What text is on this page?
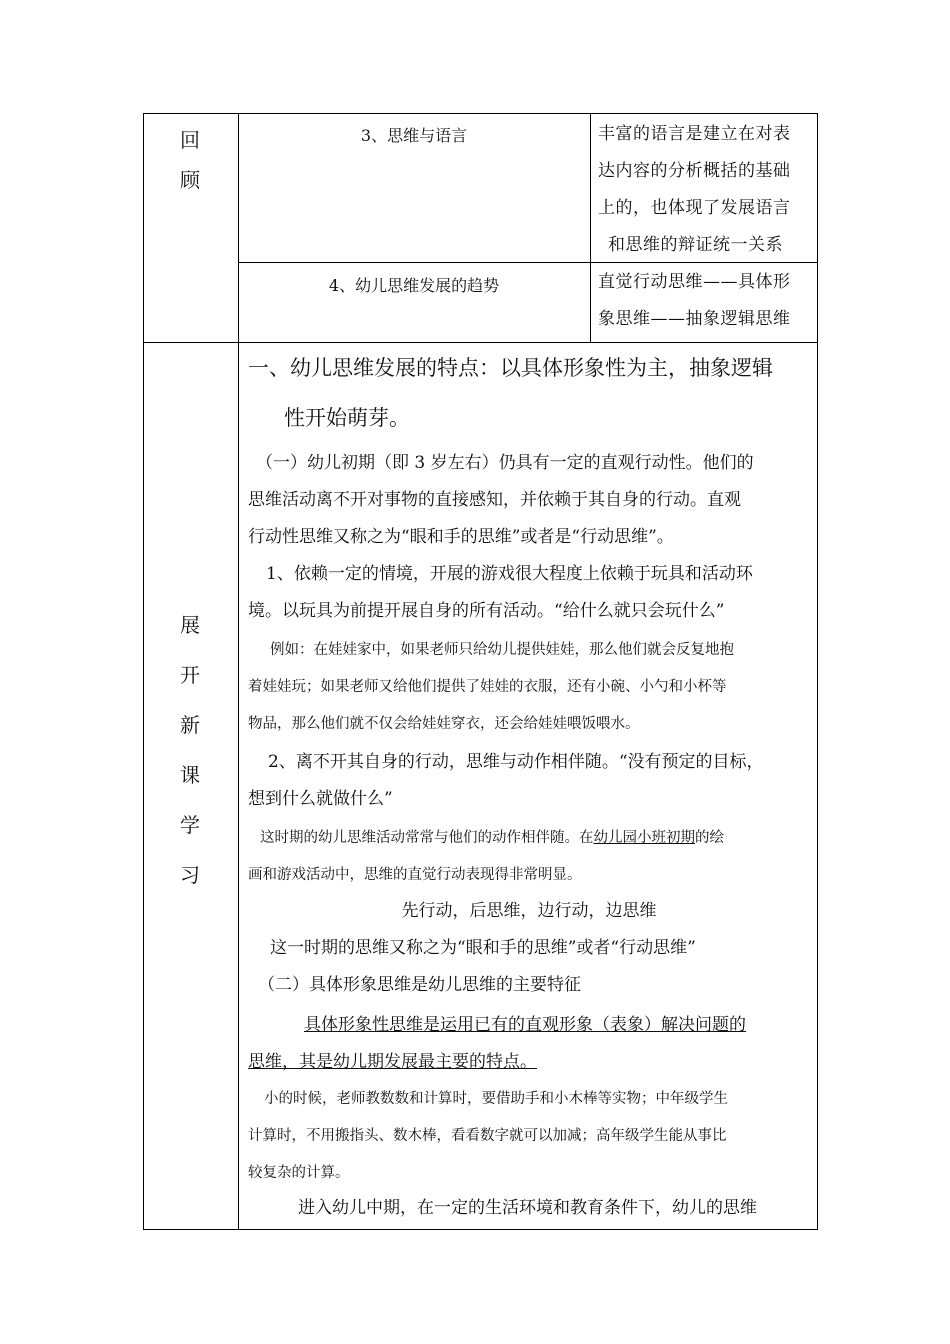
回
顾
3、思维与语言	丰富的语言是建立在对表
达内容的分析概括的基础
上的，也体现了发展语言
和思维的辩证统一关系
4、幼儿思维发展的趋势	直觉行动思维——具体形
象思维——抽象逻辑思维
展
开
新
课
学
习
一、幼儿思维发展的特点：以具体形象性为主，抽象逻辑
性开始萌芽。
（一）幼儿初期（即 3 岁左右）仍具有一定的直观行动性。他们的
思维活动离不开对事物的直接感知，并依赖于其自身的行动。直观
行动性思维又称之为“眼和手的思维”或者是“行动思维”。
1、依赖一定的情境，开展的游戏很大程度上依赖于玩具和活动环
境。以玩具为前提开展自身的所有活动。“给什么就只会玩什么”
例如：在娃娃家中，如果老师只给幼儿提供娃娃，那么他们就会反复地抱
着娃娃玩；如果老师又给他们提供了娃娃的衣服，还有小碗、小勺和小杯等
物品，那么他们就不仅会给娃娃穿衣，还会给娃娃喂饭喂水。
2、离不开其自身的行动，思维与动作相伴随。“没有预定的目标，
想到什么就做什么”
这时期的幼儿思维活动常常与他们的动作相伴随。在幼儿园小班初期的绘
画和游戏活动中，思维的直觉行动表现得非常明显。
先行动，后思维，边行动，边思维
这一时期的思维又称之为“眼和手的思维”或者“行动思维”
（二）具体形象思维是幼儿思维的主要特征
具体形象性思维是运用已有的直观形象（表象）解决问题的
思维，其是幼儿期发展最主要的特点。
小的时候，老师教数数和计算时，要借助手和小木棒等实物；中年级学生
计算时，不用搬指头、数木棒，看看数字就可以加减；高年级学生能从事比
较复杂的计算。
进入幼儿中期，在一定的生活环境和教育条件下，幼儿的思维
